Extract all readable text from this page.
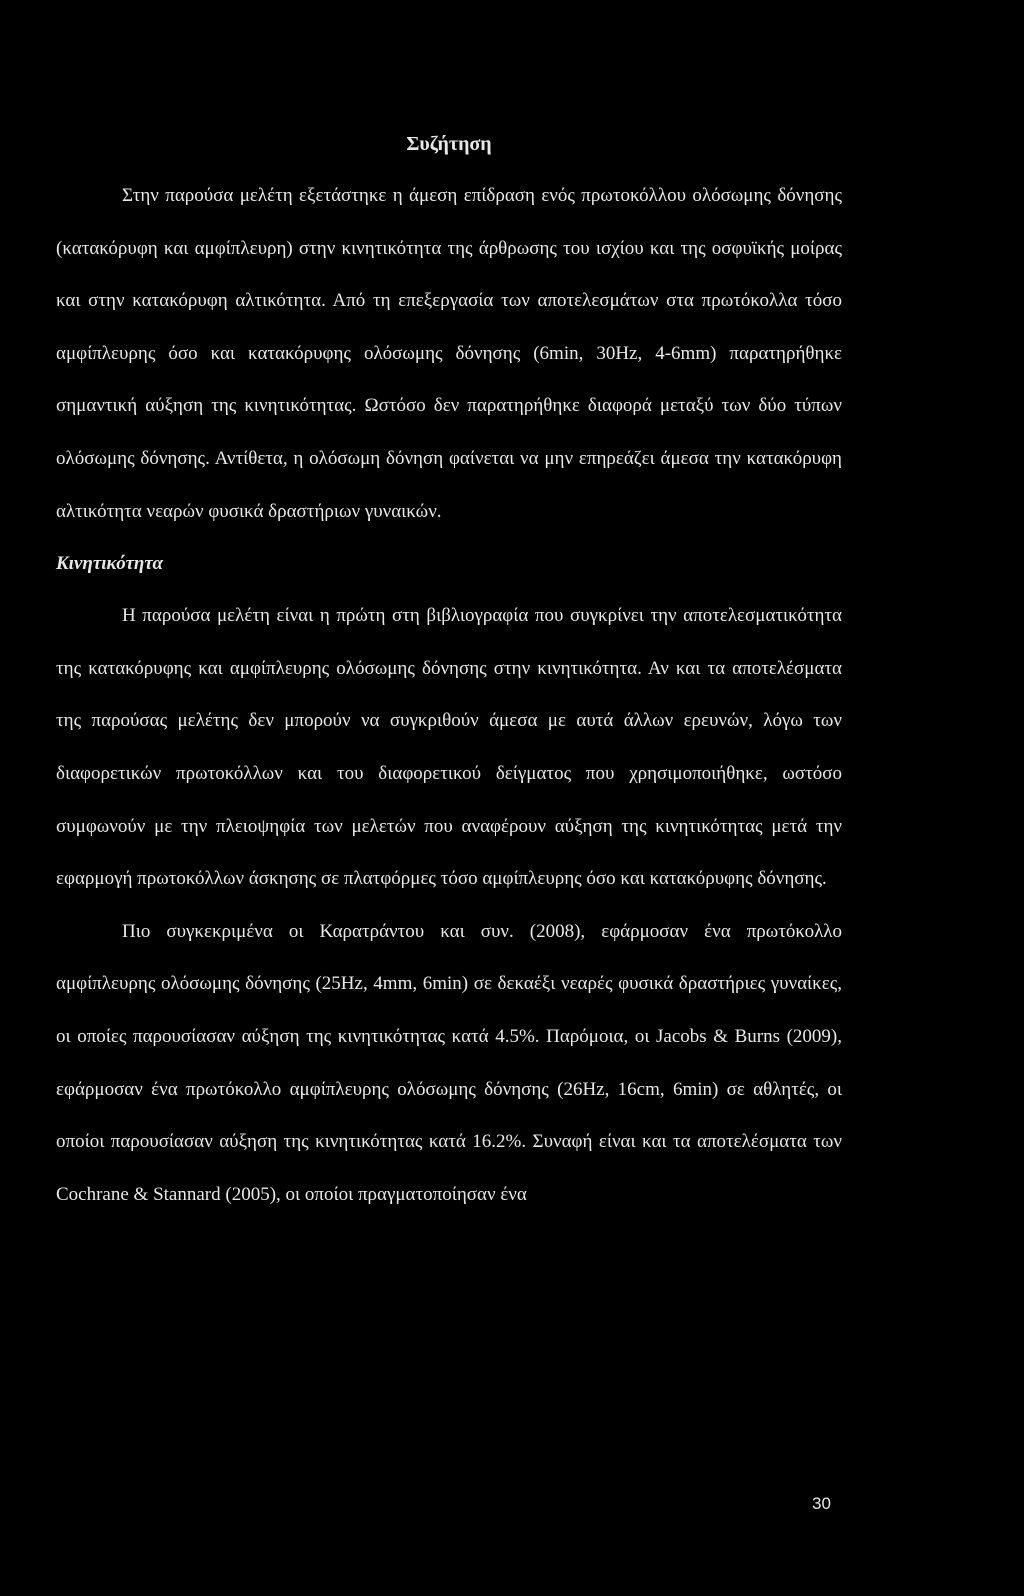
Συζήτηση

Στην παρούσα μελέτη εξετάστηκε η άμεση επίδραση ενός πρωτοκόλλου ολόσωμης δόνησης (κατακόρυφη και αμφίπλευρη) στην κινητικότητα της άρθρωσης του ισχίου και της οσφυϊκής μοίρας και στην κατακόρυφη αλτικότητα. Από τη επεξεργασία των αποτελεσμάτων στα πρωτόκολλα τόσο αμφίπλευρης όσο και κατακόρυφης ολόσωμης δόνησης (6min, 30Hz, 4-6mm) παρατηρήθηκε σημαντική αύξηση της κινητικότητας. Ωστόσο δεν παρατηρήθηκε διαφορά μεταξύ των δύο τύπων ολόσωμης δόνησης. Αντίθετα, η ολόσωμη δόνηση φαίνεται να μην επηρεάζει άμεσα την κατακόρυφη αλτικότητα νεαρών φυσικά δραστήριων γυναικών.

Κινητικότητα

Η παρούσα μελέτη είναι η πρώτη στη βιβλιογραφία που συγκρίνει την αποτελεσματικότητα της κατακόρυφης και αμφίπλευρης ολόσωμης δόνησης στην κινητικότητα. Αν και τα αποτελέσματα της παρούσας μελέτης δεν μπορούν να συγκριθούν άμεσα με αυτά άλλων ερευνών, λόγω των διαφορετικών πρωτοκόλλων και του διαφορετικού δείγματος που χρησιμοποιήθηκε, ωστόσο συμφωνούν με την πλειοψηφία των μελετών που αναφέρουν αύξηση της κινητικότητας μετά την εφαρμογή πρωτοκόλλων άσκησης σε πλατφόρμες τόσο αμφίπλευρης όσο και κατακόρυφης δόνησης.

Πιο συγκεκριμένα οι Καρατράντου και συν. (2008), εφάρμοσαν ένα πρωτόκολλο αμφίπλευρης ολόσωμης δόνησης (25Hz, 4mm, 6min) σε δεκαέξι νεαρές φυσικά δραστήριες γυναίκες, οι οποίες παρουσίασαν αύξηση της κινητικότητας κατά 4.5%. Παρόμοια, οι Jacobs & Burns (2009), εφάρμοσαν ένα πρωτόκολλο αμφίπλευρης ολόσωμης δόνησης (26Hz, 16cm, 6min) σε αθλητές, οι οποίοι παρουσίασαν αύξηση της κινητικότητας κατά 16.2%. Συναφή είναι και τα αποτελέσματα των Cochrane & Stannard (2005), οι οποίοι πραγματοποίησαν ένα

30
